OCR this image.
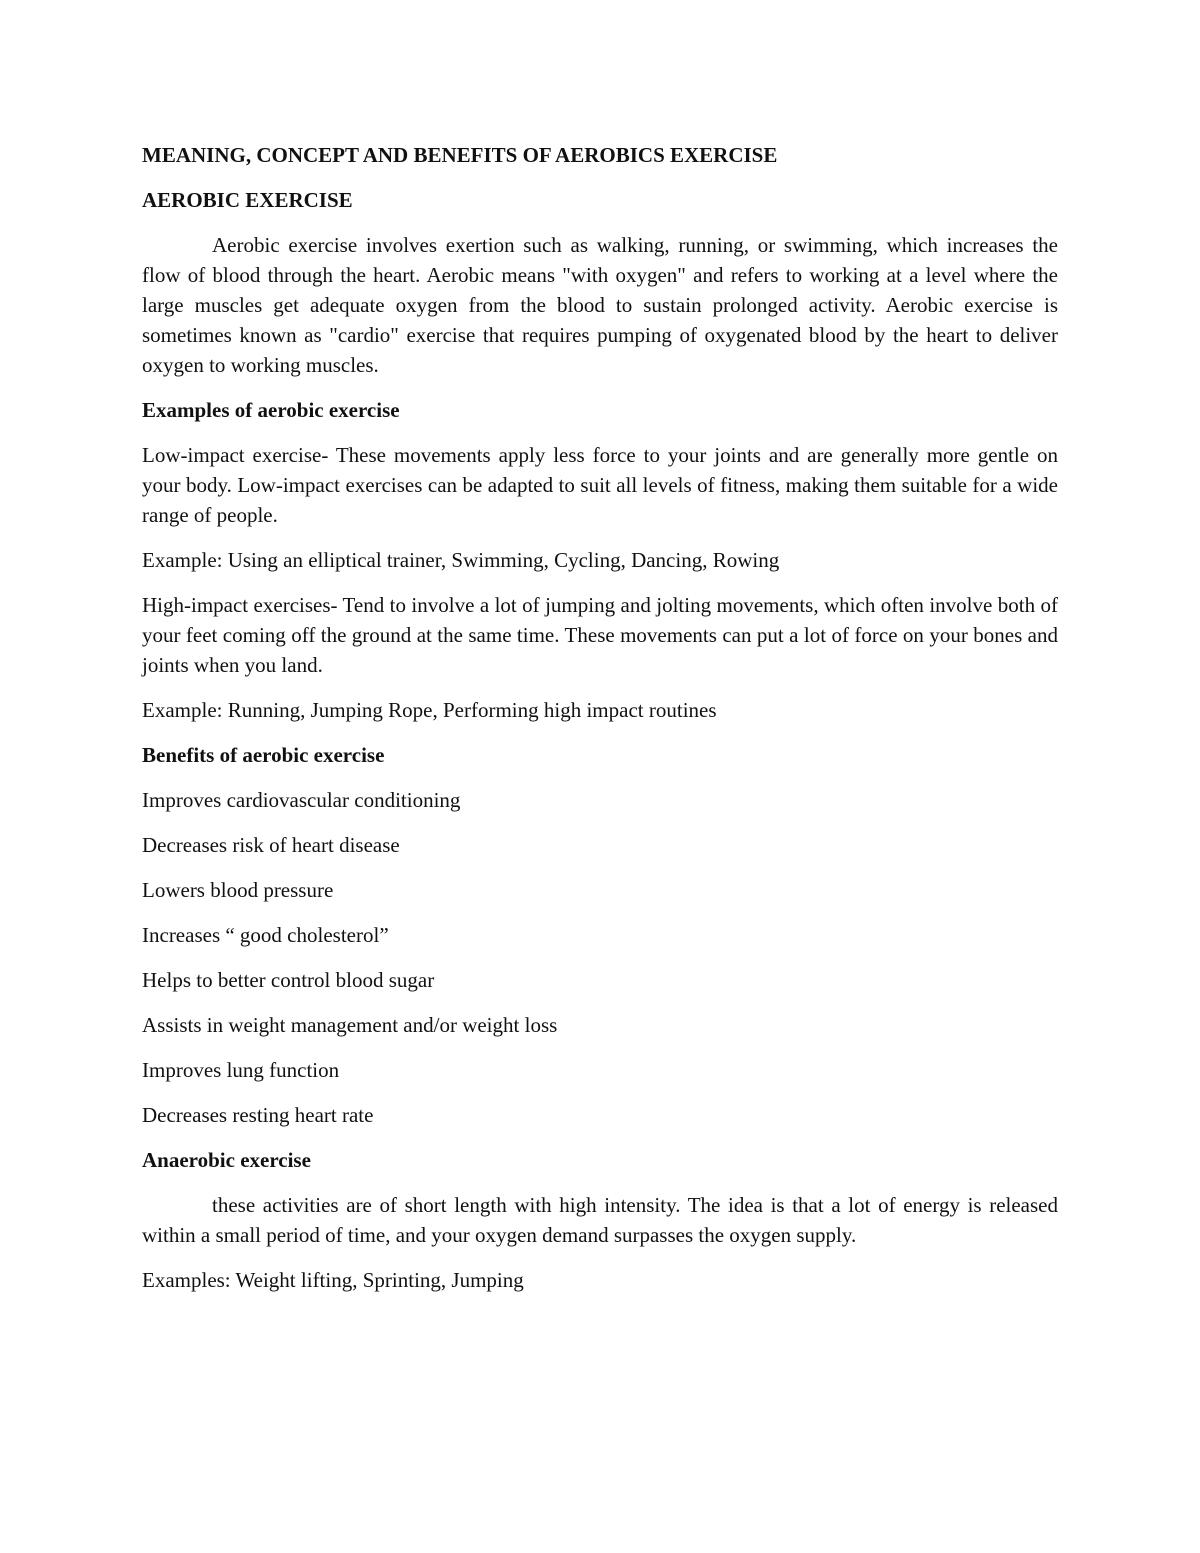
MEANING, CONCEPT AND BENEFITS OF AEROBICS EXERCISE
AEROBIC EXERCISE
Aerobic exercise involves exertion such as walking, running, or swimming, which increases the flow of blood through the heart. Aerobic means "with oxygen" and refers to working at a level where the large muscles get adequate oxygen from the blood to sustain prolonged activity. Aerobic exercise is sometimes known as "cardio" exercise that requires pumping of oxygenated blood by the heart to deliver oxygen to working muscles.
Examples of aerobic exercise
Low-impact exercise- These movements apply less force to your joints and are generally more gentle on your body. Low-impact exercises can be adapted to suit all levels of fitness, making them suitable for a wide range of people.
Example: Using an elliptical trainer, Swimming, Cycling, Dancing, Rowing
High-impact exercises- Tend to involve a lot of jumping and jolting movements, which often involve both of your feet coming off the ground at the same time. These movements can put a lot of force on your bones and joints when you land.
Example: Running, Jumping Rope, Performing high impact routines
Benefits of aerobic exercise
Improves cardiovascular conditioning
Decreases risk of heart disease
Lowers blood pressure
Increases “ good cholesterol”
Helps to better control blood sugar
Assists in weight management and/or weight loss
Improves lung function
Decreases resting heart rate
Anaerobic exercise
these activities are of short length with high intensity. The idea is that a lot of energy is released within a small period of time, and your oxygen demand surpasses the oxygen supply.
Examples: Weight lifting, Sprinting, Jumping
